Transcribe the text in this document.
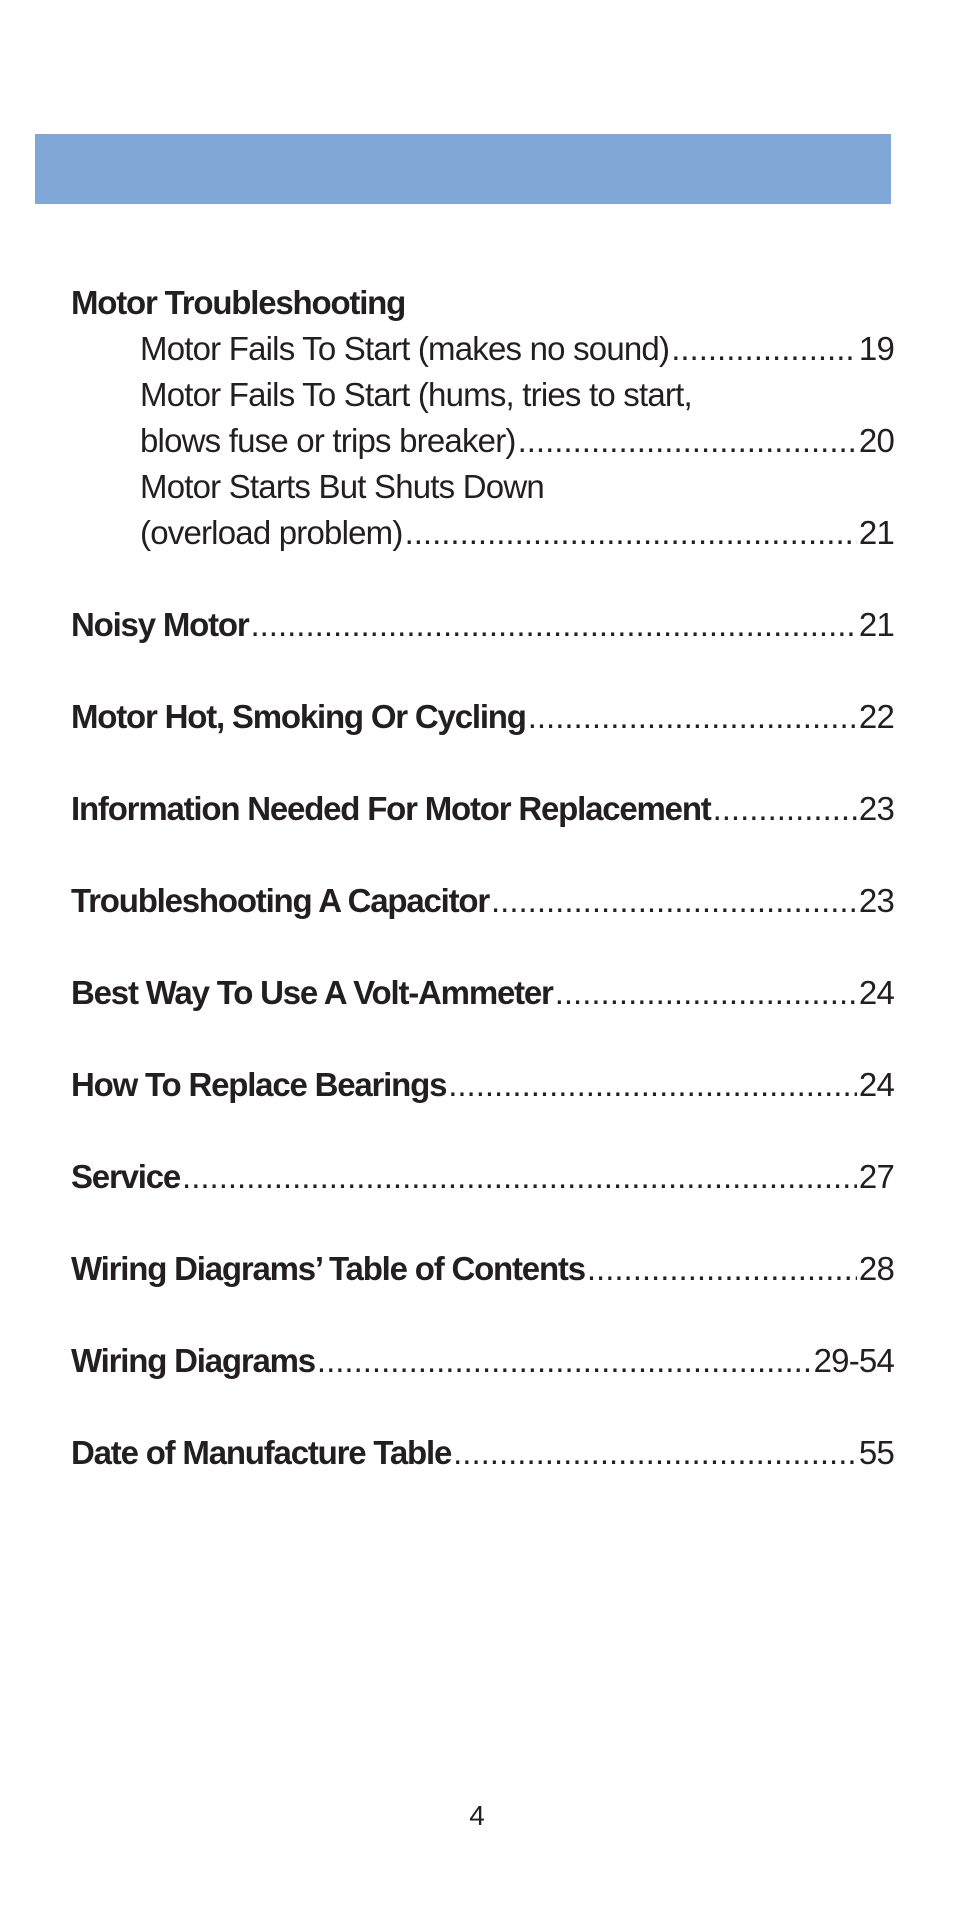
Motor Troubleshooting
Motor Fails To Start (makes no sound) .....	19
Motor Fails To Start (hums, tries to start,
blows fuse or trips breaker) .....	20
Motor Starts But Shuts Down
(overload problem) .....	21
Noisy Motor .....	21
Motor Hot, Smoking Or Cycling .....	22
Information Needed For Motor Replacement .....	23
Troubleshooting A Capacitor .....	23
Best Way To Use A Volt-Ammeter .....	24
How To Replace Bearings .....	24
Service .....	27
Wiring Diagrams’ Table of Contents .....	28
Wiring Diagrams .....	29-54
Date of Manufacture Table .....	55
4
